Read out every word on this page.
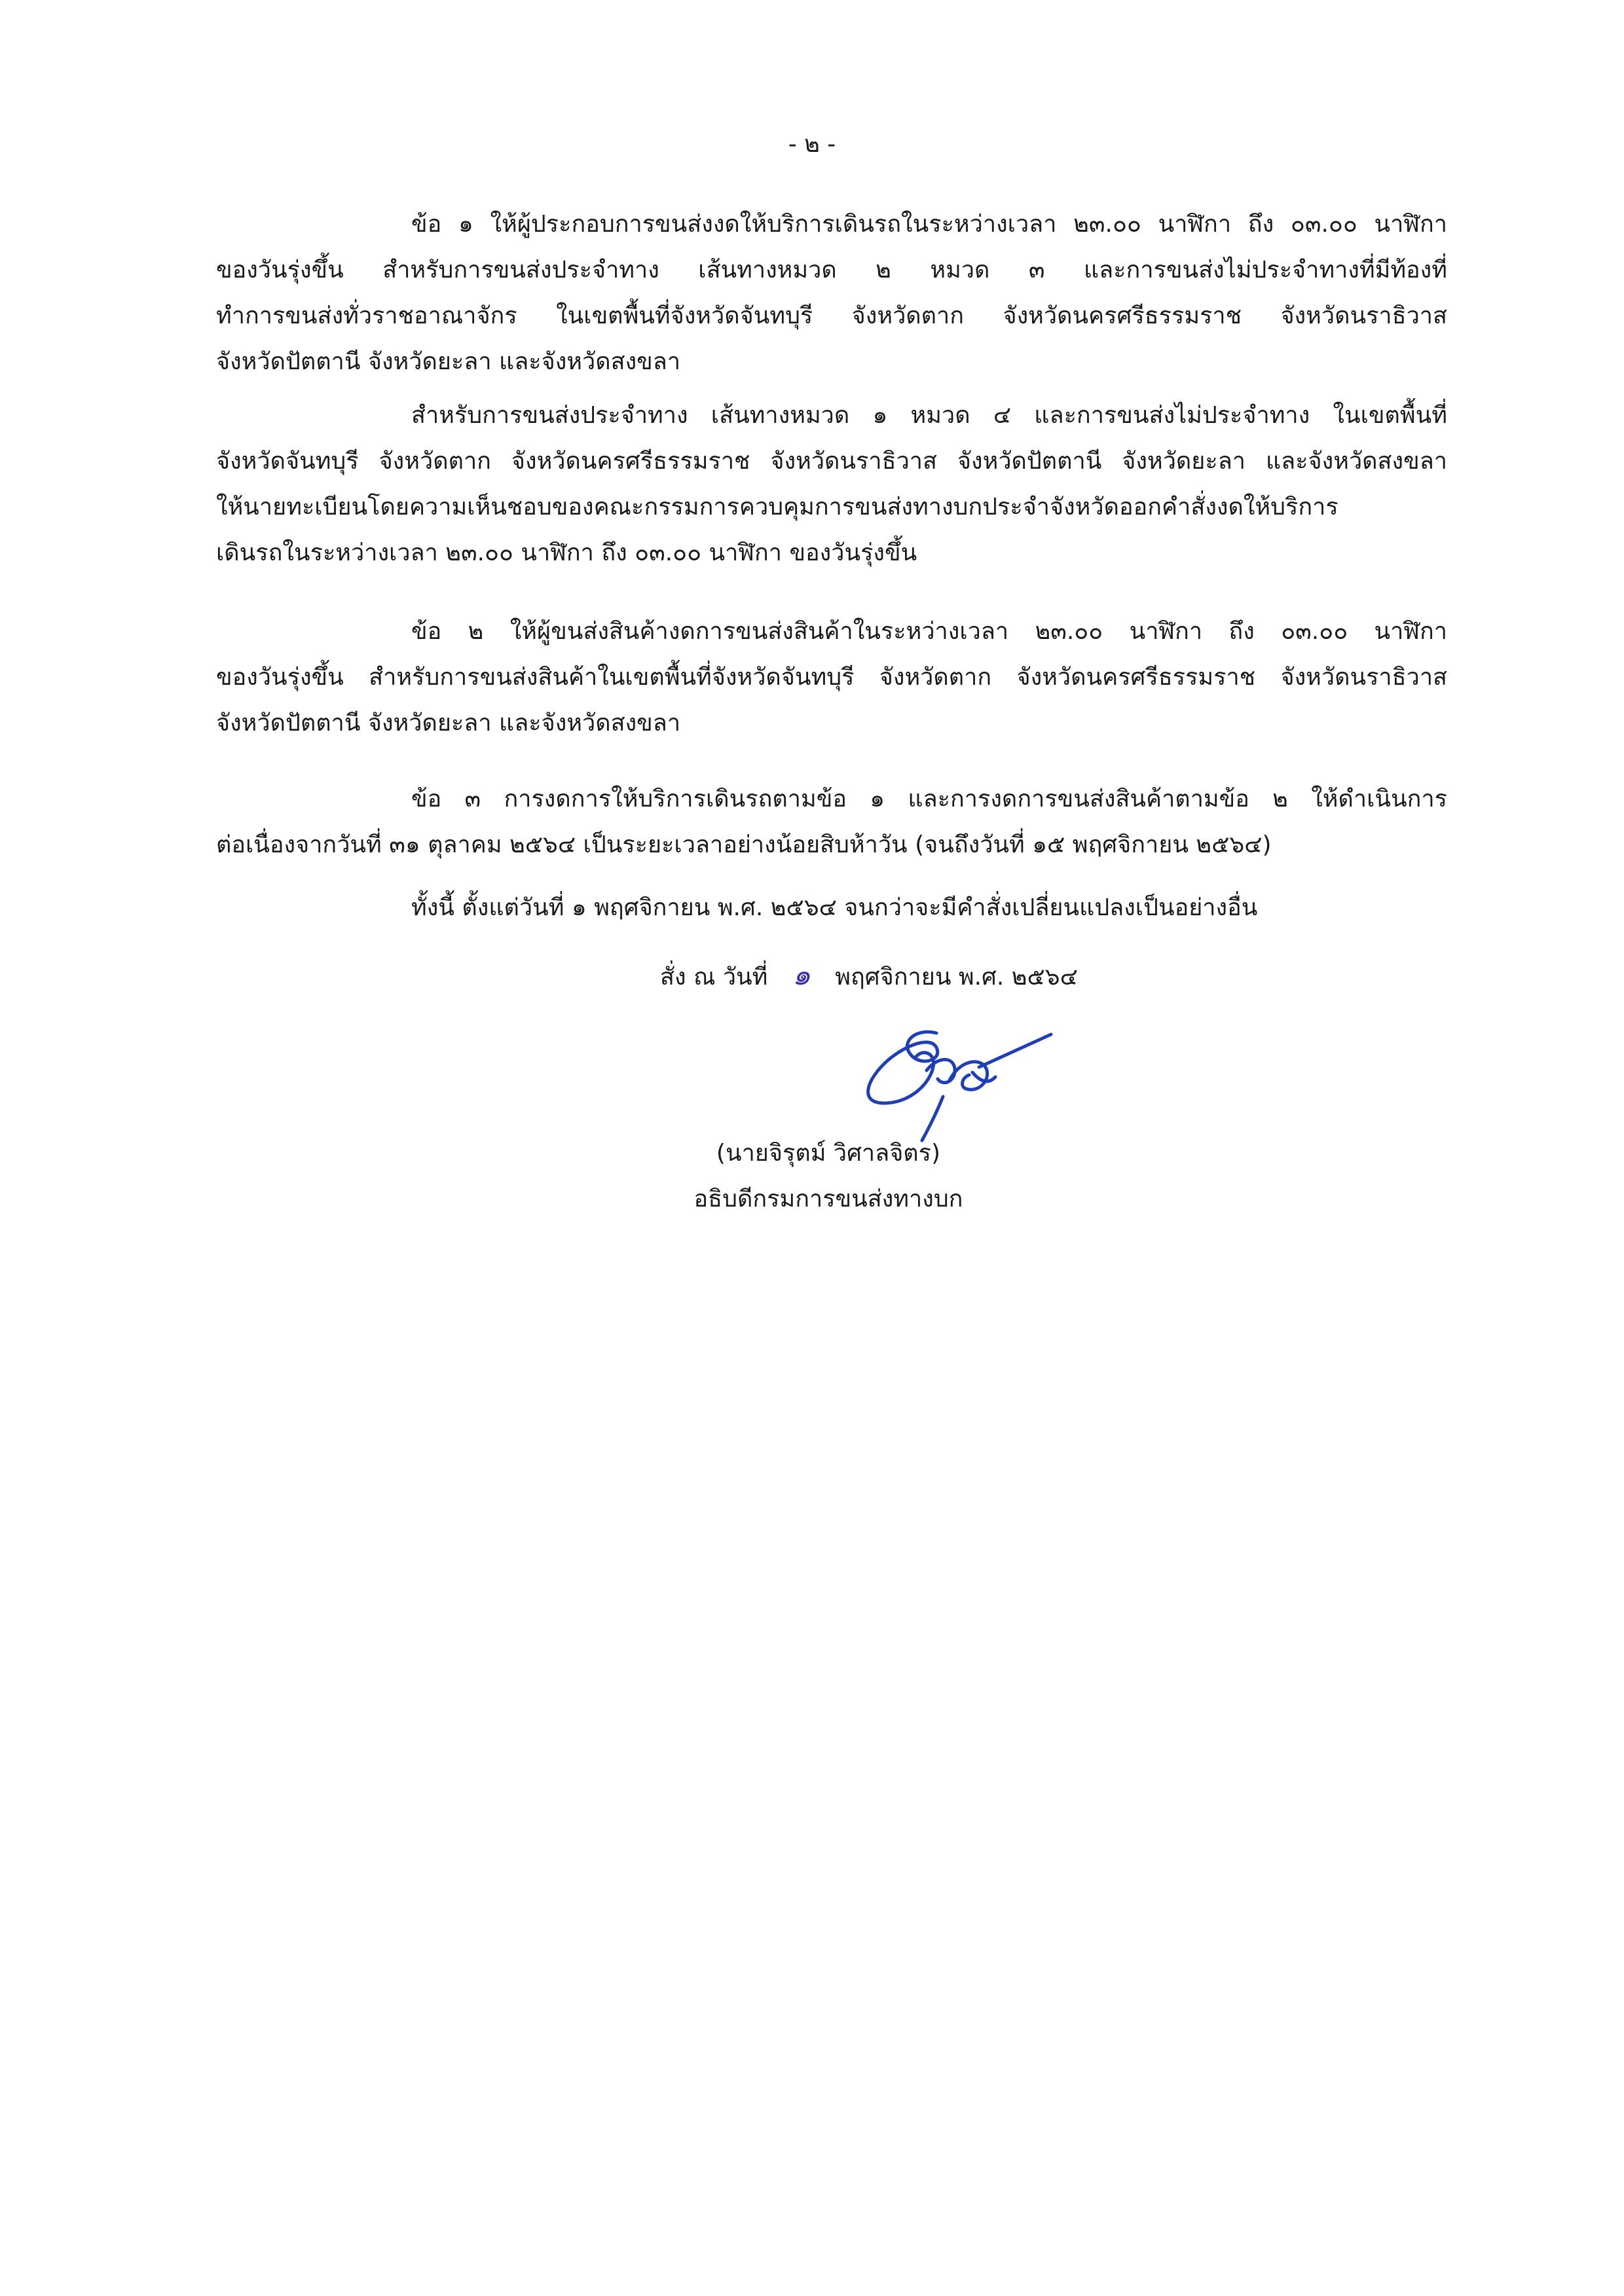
- ๒ -
ข้อ ๑ ให้ผู้ประกอบการขนส่งงดให้บริการเดินรถในระหว่างเวลา ๒๓.๐๐ นาฬิกา ถึง ๐๓.๐๐ นาฬิกา
ของวันรุ่งขึ้น สำหรับการขนส่งประจำทาง เส้นทางหมวด ๒ หมวด ๓ และการขนส่งไม่ประจำทางที่มีท้องที่
ทำการขนส่งทั่วราชอาณาจักร ในเขตพื้นที่จังหวัดจันทบุรี จังหวัดตาก จังหวัดนครศรีธรรมราช จังหวัดนราธิวาส
จังหวัดปัตตานี จังหวัดยะลา และจังหวัดสงขลา
สำหรับการขนส่งประจำทาง เส้นทางหมวด ๑ หมวด ๔ และการขนส่งไม่ประจำทาง ในเขตพื้นที่
จังหวัดจันทบุรี จังหวัดตาก จังหวัดนครศรีธรรมราช จังหวัดนราธิวาส จังหวัดปัตตานี จังหวัดยะลา และจังหวัดสงขลา
ให้นายทะเบียนโดยความเห็นชอบของคณะกรรมการควบคุมการขนส่งทางบกประจำจังหวัดออกคำสั่งงดให้บริการ
เดินรถในระหว่างเวลา ๒๓.๐๐ นาฬิกา ถึง ๐๓.๐๐ นาฬิกา ของวันรุ่งขึ้น
ข้อ ๒ ให้ผู้ขนส่งสินค้างดการขนส่งสินค้าในระหว่างเวลา ๒๓.๐๐ นาฬิกา ถึง ๐๓.๐๐ นาฬิกา
ของวันรุ่งขึ้น สำหรับการขนส่งสินค้าในเขตพื้นที่จังหวัดจันทบุรี จังหวัดตาก จังหวัดนครศรีธรรมราช จังหวัดนราธิวาส
จังหวัดปัตตานี จังหวัดยะลา และจังหวัดสงขลา
ข้อ ๓ การงดการให้บริการเดินรถตามข้อ ๑ และการงดการขนส่งสินค้าตามข้อ ๒ ให้ดำเนินการ
ต่อเนื่องจากวันที่ ๓๑ ตุลาคม ๒๕๖๔ เป็นระยะเวลาอย่างน้อยสิบห้าวัน (จนถึงวันที่ ๑๕ พฤศจิกายน ๒๕๖๔)
ทั้งนี้ ตั้งแต่วันที่ ๑ พฤศจิกายน พ.ศ. ๒๕๖๔ จนกว่าจะมีคำสั่งเปลี่ยนแปลงเป็นอย่างอื่น
สั่ง ณ วันที่ ๑ พฤศจิกายน พ.ศ. ๒๕๖๔
(นายจิรุตม์ วิศาลจิตร)
อธิบดีกรมการขนส่งทางบก
